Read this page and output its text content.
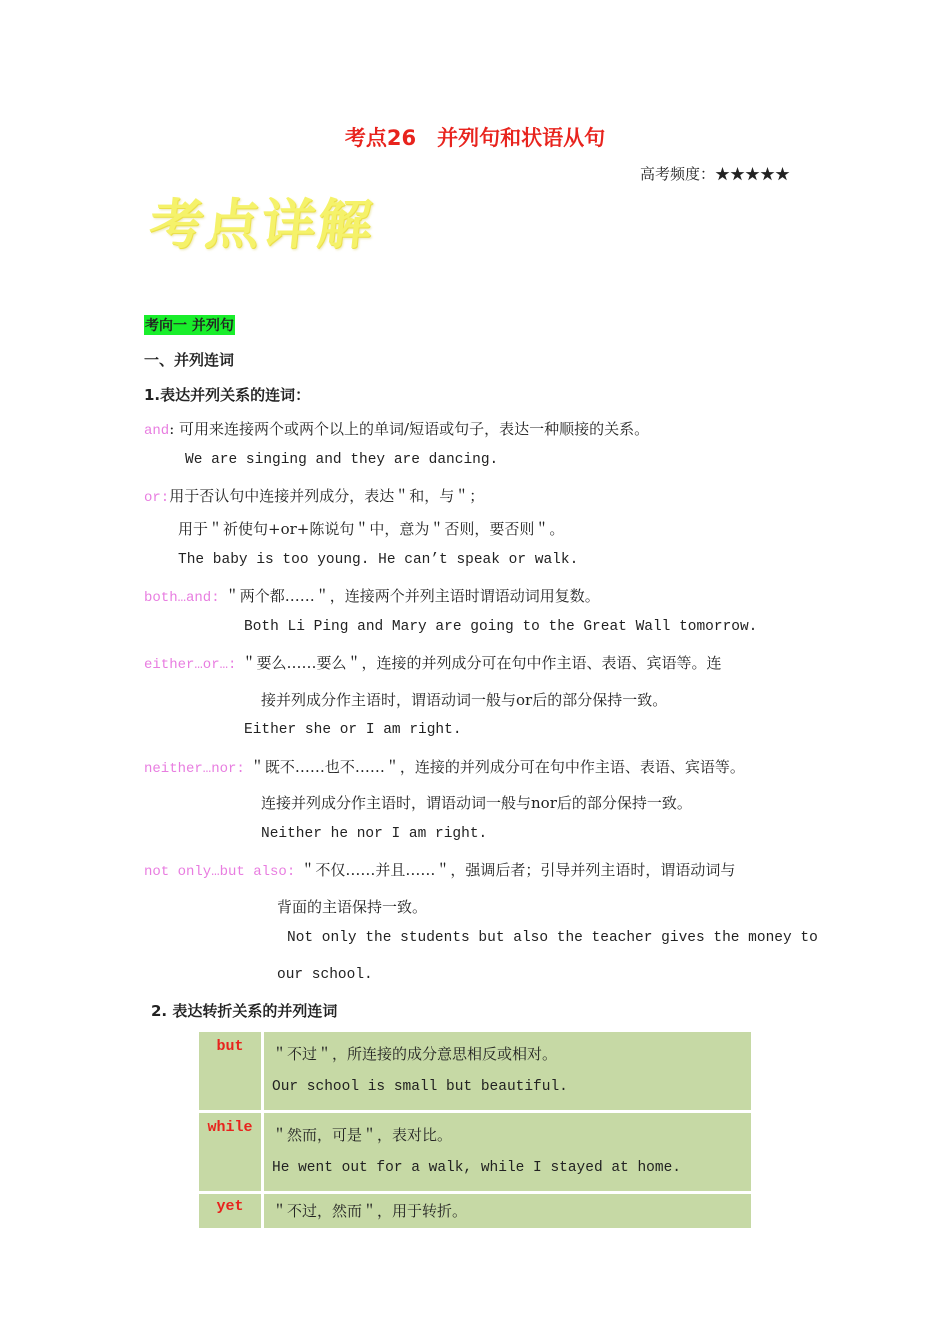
考点26　并列句和状语从句
高考频度：★★★★★
考点详解
考向一 并列句
一、并列连词
1.表达并列关系的连词：
and: 可用来连接两个或两个以上的单词/短语或句子，表达一种顺接的关系。
We are singing and they are dancing.
or:用于否认句中连接并列成分，表达＂和，与＂；
用于＂祈使句+or+陈说句＂中，意为＂否则，要否则＂。
The baby is too young. He can’t speak or walk.
both…and: ＂两个都……＂，连接两个并列主语时谓语动词用复数。
Both Li Ping and Mary are going to the Great Wall tomorrow.
either…or…: ＂要么……要么＂，连接的并列成分可在句中作主语、表语、宾语等。连
接并列成分作主语时，谓语动词一般与or后的部分保持一致。
Either she or I am right.
neither…nor: ＂既不……也不……＂，连接的并列成分可在句中作主语、表语、宾语等。
连接并列成分作主语时，谓语动词一般与nor后的部分保持一致。
Neither he nor I am right.
not only…but also: ＂不仅……并且……＂，强调后者；引导并列主语时，谓语动词与
背面的主语保持一致。
Not only the students but also the teacher gives the money to
our school.
2. 表达转折关系的并列连词
but	＂不过＂，所连接的成分意思相反或相对。
Our school is small but beautiful.

while	＂然而，可是＂，表对比。
He went out for a walk, while I stayed at home.

yet	＂不过，然而＂，用于转折。
